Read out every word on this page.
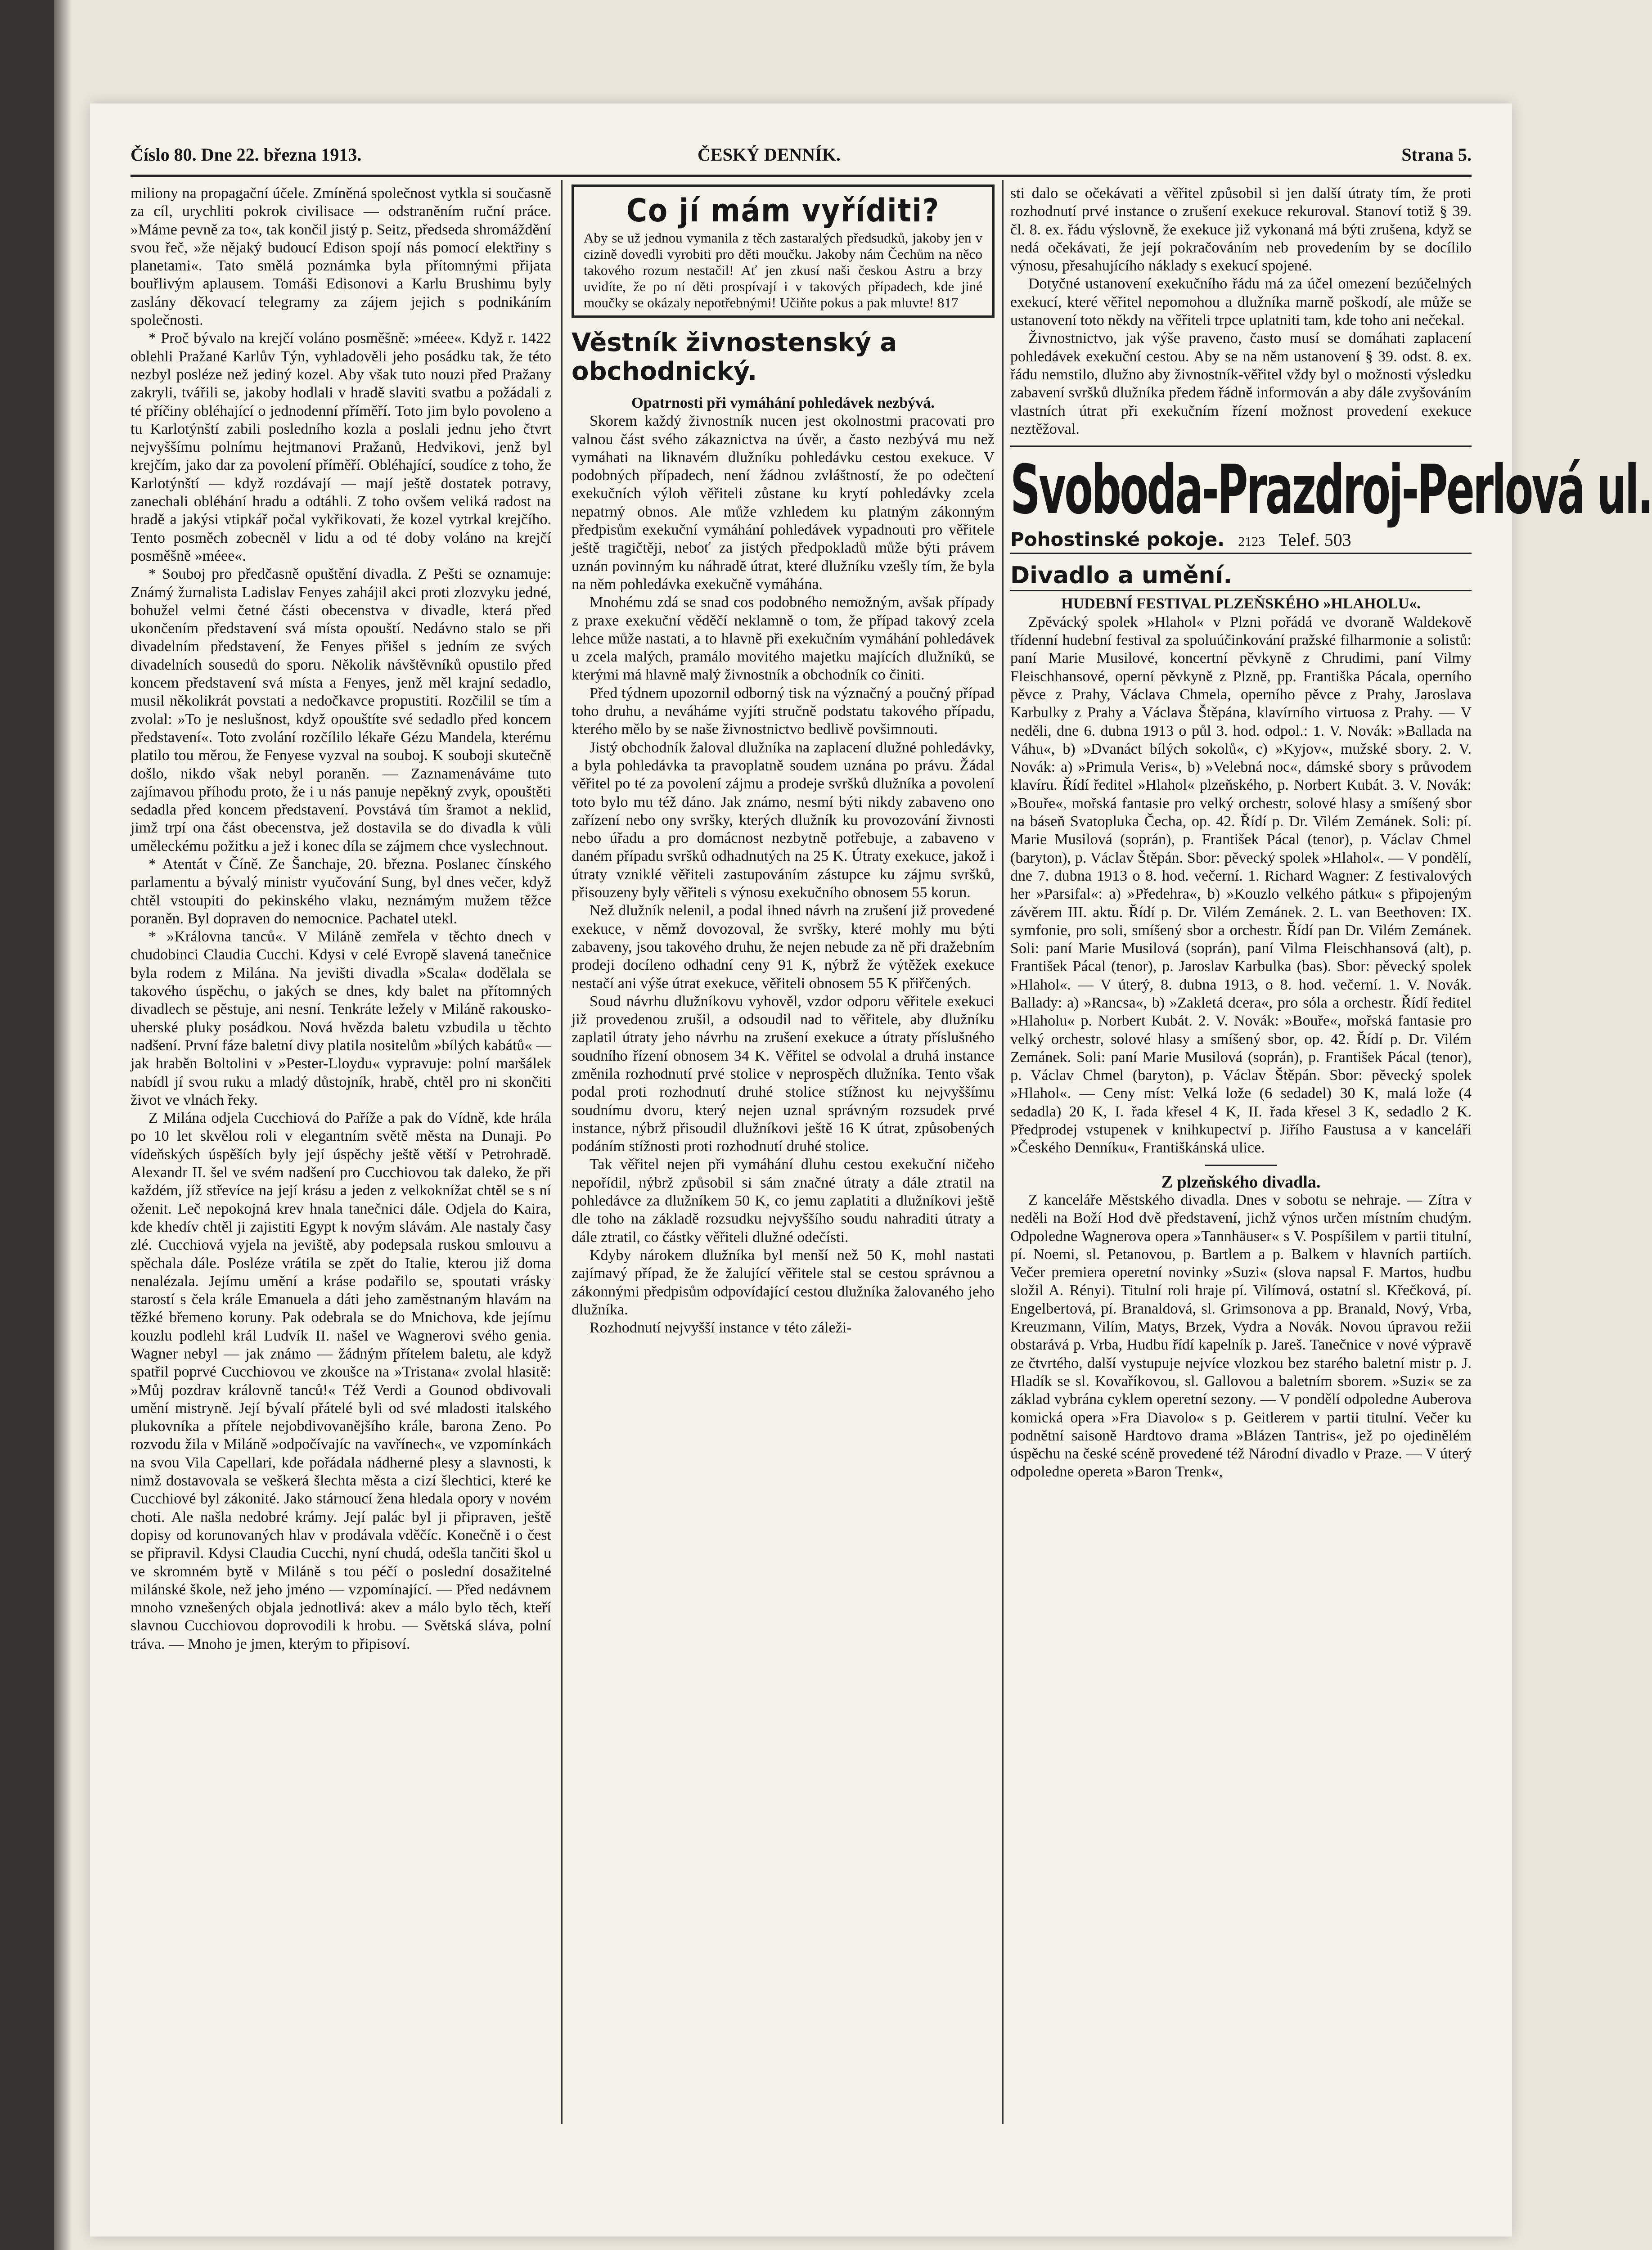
Číslo 80. Dne 22. března 1913.	ČESKÝ DENNÍK.	Strana 5.

miliony na propagační účele. Zmíněná společnost vytkla si současně za cíl, urychliti pokrok civilisace — odstraněním ruční práce. »Máme pevně za to«, tak končil jistý p. Seitz, předseda shromáždění svou řeč, »že nějaký budoucí Edison spojí nás pomocí elektřiny s planetami«. Tato smělá poznámka byla přítomnými přijata bouřlivým aplausem. Tomáši Edisonovi a Karlu Brushimu byly zaslány děkovací telegramy za zájem jejich s podnikáním společnosti.

* Proč bývalo na krejčí voláno posměšně: »méee«. Když r. 1422 oblehli Pražané Karlův Týn, vyhladověli jeho posádku tak, že této nezbyl posléze než jediný kozel. Aby však tuto nouzi před Pražany zakryli, tvářili se, jakoby hodlali v hradě slaviti svatbu a požádali z té příčiny obléhající o jednodenní příměří. Toto jim bylo povoleno a tu Karlotýnští zabili posledního kozla a poslali jednu jeho čtvrt nejvyššímu polnímu hejtmanovi Pražanů, Hedvikovi, jenž byl krejčím, jako dar za povolení příměří. Obléhající, soudíce z toho, že Karlotýnští — když rozdávají — mají ještě dostatek potravy, zanechali obléhání hradu a odtáhli. Z toho ovšem veliká radost na hradě a jakýsi vtipkář počal vykřikovati, že kozel vytrkal krejčího. Tento posměch zobecněl v lidu a od té doby voláno na krejčí posměšně »méee«.

* Souboj pro předčasně opuštění divadla. Z Pešti se oznamuje: Známý žurnalista Ladislav Fenyes zahájil akci proti zlozvyku jedné, bohužel velmi četné části obecenstva v divadle, která před ukončením představení svá místa opouští. Nedávno stalo se při divadelním představení, že Fenyes přišel s jedním ze svých divadelních sousedů do sporu. Několik návštěvníků opustilo před koncem představení svá místa a Fenyes, jenž měl krajní sedadlo, musil několikrát povstati a nedočkavce propustiti. Rozčilil se tím a zvolal: »To je neslušnost, když opouštíte své sedadlo před koncem představení«. Toto zvolání rozčílilo lékaře Gézu Mandela, kterému platilo tou měrou, že Fenyese vyzval na souboj. K souboji skutečně došlo, nikdo však nebyl poraněn. — Zaznamenáváme tuto zajímavou příhodu proto, že i u nás panuje nepěkný zvyk, opouštěti sedadla před koncem představení. Povstává tím šramot a neklid, jimž trpí ona část obecenstva, jež dostavila se do divadla k vůli uměleckému požitku a jež i konec díla se zájmem chce vyslechnout.

* Atentát v Číně. Ze Šanchaje, 20. března. Poslanec čínského parlamentu a bývalý ministr vyučování Sung, byl dnes večer, když chtěl vstoupiti do pekinského vlaku, neznámým mužem těžce poraněn. Byl dopraven do nemocnice. Pachatel utekl.

* »Královna tanců«. V Miláně zemřela v těchto dnech v chudobinci Claudia Cucchi. Kdysi v celé Evropě slavená tanečnice byla rodem z Milána. Na jevišti divadla »Scala« dodělala se takového úspěchu, o jakých se dnes, kdy balet na přítomných divadlech se pěstuje, ani nesní. Tenkráte ležely v Miláně rakousko-uherské pluky posádkou. Nová hvězda baletu vzbudila u těchto nadšení. První fáze baletní divy platila nositelům »bílých kabátů« — jak hraběn Boltolini v »Pester-Lloydu« vypravuje: polní maršálek nabídl jí svou ruku a mladý důstojník, hrabě, chtěl pro ni skončiti život ve vlnách řeky.

Z Milána odjela Cucchiová do Paříže a pak do Vídně, kde hrála po 10 let skvělou roli v elegantním světě města na Dunaji. Po vídeňských úspěších byly její úspěchy ještě větší v Petrohradě. Alexandr II. šel ve svém nadšení pro Cucchiovou tak daleko, že při každém, jíž střevíce na její krásu a jeden z velkoknížat chtěl se s ní oženit. Leč nepokojná krev hnala tanečnici dále. Odjela do Kaira, kde khedív chtěl ji zajistiti Egypt k novým slávám. Ale nastaly časy zlé. Cucchiová vyjela na jeviště, aby podepsala ruskou smlouvu a spěchala dále. Posléze vrátila se zpět do Italie, kterou již doma nenalézala. Jejímu umění a kráse podařilo se, spoutati vrásky starostí s čela krále Emanuela a dáti jeho zaměstnaným hlavám na těžké břemeno koruny. Pak odebrala se do Mnichova, kde jejímu kouzlu podlehl král Ludvík II. našel ve Wagnerovi svého genia. Wagner nebyl — jak známo — žádným přítelem baletu, ale když spatřil poprvé Cucchiovou ve zkoušce na »Tristana« zvolal hlasitě: »Můj pozdrav královně tanců!« Též Verdi a Gounod obdivovali umění mistryně. Její bývalí přátelé byli od své mladosti italského plukovníka a přítele nejobdivovanějšího krále, barona Zeno. Po rozvodu žila v Miláně »odpočívajíc na vavřínech«, ve vzpomínkách na svou Vila Capellari, kde pořádala nádherné plesy a slavnosti, k nimž dostavovala se veškerá šlechta města a cizí šlechtici, které ke Cucchiové byl zákonité. Jako stárnoucí žena hledala opory v novém choti. Ale našla nedobré krámy. Její palác byl ji připraven, ještě dopisy od korunovaných hlav v prodávala vděčíc. Konečně i o čest se připravil. Kdysi Claudia Cucchi, nyní chudá, odešla tančiti škol u ve skromném bytě v Miláně s tou péčí o poslední dosažitelné milánské škole, než jeho jméno — vzpomínající. — Před nedávnem mnoho vznešených objala jednotlivá: akev a málo bylo těch, kteří slavnou Cucchiovou doprovodili k hrobu. — Světská sláva, polní tráva. — Mnoho je jmen, kterým to připisoví.

Co jí mám vyříditi?

Aby se už jednou vymanila z těch zastaralých předsudků, jakoby jen v cizině dovedli vyrobiti pro děti moučku. Jakoby nám Čechům na něco takového rozum nestačil! Ať jen zkusí naši českou Astru a brzy uvidíte, že po ní děti prospívají i v takových případech, kde jiné moučky se okázaly nepotřebnými! Učiňte pokus a pak mluvte! 817

Věstník živnostenský a obchodnický.

Opatrnosti při vymáhání pohledávek nezbývá.

Skorem každý živnostník nucen jest okolnostmi pracovati pro valnou část svého zákaznictva na úvěr, a často nezbývá mu než vymáhati na liknavém dlužníku pohledávku cestou exekuce. V podobných případech, není žádnou zvláštností, že po odečtení exekučních výloh věřiteli zůstane ku krytí pohledávky zcela nepatrný obnos. Ale může vzhledem ku platným zákonným předpisům exekuční vymáhání pohledávek vypadnouti pro věřitele ještě tragičtěji, neboť za jistých předpokladů může býti právem uznán povinným ku náhradě útrat, které dlužníku vzešly tím, že byla na něm pohledávka exekučně vymáhána.

Mnohému zdá se snad cos podobného nemožným, avšak případy z praxe exekuční věděčí neklamně o tom, že případ takový zcela lehce může nastati, a to hlavně při exekučním vymáhání pohledávek u zcela malých, pramálo movitého majetku majících dlužníků, se kterými má hlavně malý živnostník a obchodník co činiti.

Před týdnem upozornil odborný tisk na význačný a poučný případ toho druhu, a neváháme vyjíti stručně podstatu takového případu, kterého mělo by se naše živnostnictvo bedlivě povšimnouti.

Jistý obchodník žaloval dlužníka na zaplacení dlužné pohledávky, a byla pohledávka ta pravoplatně soudem uznána po právu. Žádal věřitel po té za povolení zájmu a prodeje svršků dlužníka a povolení toto bylo mu též dáno. Jak známo, nesmí býti nikdy zabaveno ono zařízení nebo ony svršky, kterých dlužník ku provozování živnosti nebo úřadu a pro domácnost nezbytně potřebuje, a zabaveno v daném případu svršků odhadnutých na 25 K. Útraty exekuce, jakož i útraty vzniklé věřiteli zastupováním zástupce ku zájmu svršků, přisouzeny byly věřiteli s výnosu exekučního obnosem 55 korun.

Než dlužník nelenil, a podal ihned návrh na zrušení již provedené exekuce, v němž dovozoval, že svršky, které mohly mu býti zabaveny, jsou takového druhu, že nejen nebude za ně při dražebním prodeji docíleno odhadní ceny 91 K, nýbrž že výtěžek exekuce nestačí ani výše útrat exekuce, věřiteli obnosem 55 K přiřčených.

Soud návrhu dlužníkovu vyhověl, vzdor odporu věřitele exekuci již provedenou zrušil, a odsoudil nad to věřitele, aby dlužníku zaplatil útraty jeho návrhu na zrušení exekuce a útraty příslušného soudního řízení obnosem 34 K. Věřitel se odvolal a druhá instance změnila rozhodnutí prvé stolice v neprospěch dlužníka. Tento však podal proti rozhodnutí druhé stolice stížnost ku nejvyššímu soudnímu dvoru, který nejen uznal správným rozsudek prvé instance, nýbrž přisoudil dlužníkovi ještě 16 K útrat, způsobených podáním stížnosti proti rozhodnutí druhé stolice.

Tak věřitel nejen při vymáhání dluhu cestou exekuční ničeho nepořídil, nýbrž způsobil si sám značné útraty a dále ztratil na pohledávce za dlužníkem 50 K, co jemu zaplatiti a dlužníkovi ještě dle toho na základě rozsudku nejvyššího soudu nahraditi útraty a dále ztratil, co částky věřiteli dlužné odečísti.

Kdyby nárokem dlužníka byl menší než 50 K, mohl nastati zajímavý případ, že že žalující věřitele stal se cestou správnou a zákonnými předpisům odpovídající cestou dlužníka žalovaného jeho dlužníka.

Rozhodnutí nejvyšší instance v této záleži-

sti dalo se očekávati a věřitel způsobil si jen další útraty tím, že proti rozhodnutí prvé instance o zrušení exekuce rekuroval. Stanoví totiž § 39. čl. 8. ex. řádu výslovně, že exekuce již vykonaná má býti zrušena, když se nedá očekávati, že její pokračováním neb provedením by se docílilo výnosu, přesahujícího náklady s exekucí spojené.

Dotyčné ustanovení exekučního řádu má za účel omezení bezúčelných exekucí, které věřitel nepomohou a dlužníka marně poškodí, ale může se ustanovení toto někdy na věřiteli trpce uplatniti tam, kde toho ani nečekal.

Živnostnictvo, jak výše praveno, často musí se domáhati zaplacení pohledávek exekuční cestou. Aby se na něm ustanovení § 39. odst. 8. ex. řádu nemstilo, dlužno aby živnostník-věřitel vždy byl o možnosti výsledku zabavení svršků dlužníka předem řádně informován a aby dále zvyšováním vlastních útrat při exekučním řízení možnost provedení exekuce neztěžoval.

Svoboda-Prazdroj-Perlová ul.
Pohostinské pokoje. 2123 Telef. 503
Divadlo a umění.

HUDEBNÍ FESTIVAL PLZEŇSKÉHO »HLAHOLU«.

Zpěvácký spolek »Hlahol« v Plzni pořádá ve dvoraně Waldekově třídenní hudební festival za spoluúčinkování pražské filharmonie a solistů: paní Marie Musilové, koncertní pěvkyně z Chrudimi, paní Vilmy Fleischhansové, operní pěvkyně z Plzně, pp. Františka Pácala, operního pěvce z Prahy, Václava Chmela, operního pěvce z Prahy, Jaroslava Karbulky z Prahy a Václava Štěpána, klavírního virtuosa z Prahy. — V neděli, dne 6. dubna 1913 o půl 3. hod. odpol.: 1. V. Novák: »Ballada na Váhu«, b) »Dvanáct bílých sokolů«, c) »Kyjov«, mužské sbory. 2. V. Novák: a) »Primula Veris«, b) »Velebná noc«, dámské sbory s průvodem klavíru. Řídí ředitel »Hlahol« plzeňského, p. Norbert Kubát. 3. V. Novák: »Bouře«, mořská fantasie pro velký orchestr, solové hlasy a smíšený sbor na báseň Svatopluka Čecha, op. 42. Řídí p. Dr. Vilém Zemánek. Soli: pí. Marie Musilová (soprán), p. František Pácal (tenor), p. Václav Chmel (baryton), p. Václav Štěpán. Sbor: pěvecký spolek »Hlahol«. — V pondělí, dne 7. dubna 1913 o 8. hod. večerní. 1. Richard Wagner: Z festivalových her »Parsifal«: a) »Předehra«, b) »Kouzlo velkého pátku« s připojeným závěrem III. aktu. Řídí p. Dr. Vilém Zemánek. 2. L. van Beethoven: IX. symfonie, pro soli, smíšený sbor a orchestr. Řídí pan Dr. Vilém Zemánek. Soli: paní Marie Musilová (soprán), paní Vilma Fleischhansová (alt), p. František Pácal (tenor), p. Jaroslav Karbulka (bas). Sbor: pěvecký spolek »Hlahol«. — V úterý, 8. dubna 1913, o 8. hod. večerní. 1. V. Novák. Ballady: a) »Rancsa«, b) »Zakletá dcera«, pro sóla a orchestr. Řídí ředitel »Hlaholu« p. Norbert Kubát. 2. V. Novák: »Bouře«, mořská fantasie pro velký orchestr, solové hlasy a smíšený sbor, op. 42. Řídí p. Dr. Vilém Zemánek. Soli: paní Marie Musilová (soprán), p. František Pácal (tenor), p. Václav Chmel (baryton), p. Václav Štěpán. Sbor: pěvecký spolek »Hlahol«. — Ceny míst: Velká lože (6 sedadel) 30 K, malá lože (4 sedadla) 20 K, I. řada křesel 4 K, II. řada křesel 3 K, sedadlo 2 K. Předprodej vstupenek v knihkupectví p. Jiřího Faustusa a v kanceláři »Českého Denníku«, Františkánská ulice.

Z plzeňského divadla.

Z kanceláře Městského divadla. Dnes v sobotu se nehraje. — Zítra v neděli na Boží Hod dvě představení, jichž výnos určen místním chudým. Odpoledne Wagnerova opera »Tannhäuser« s V. Pospíšilem v partii titulní, pí. Noemi, sl. Petanovou, p. Bartlem a p. Balkem v hlavních partiích. Večer premiera operetní novinky »Suzi« (slova napsal F. Martos, hudbu složil A. Rényi). Titulní roli hraje pí. Vilímová, ostatní sl. Křečková, pí. Engelbertová, pí. Branaldová, sl. Grimsonova a pp. Branald, Nový, Vrba, Kreuzmann, Vilím, Matys, Brzek, Vydra a Novák. Novou úpravou režii obstarává p. Vrba, Hudbu řídí kapelník p. Jareš. Tanečnice v nové výpravě ze čtvrtého, další vystupuje nejvíce vlozkou bez starého baletní mistr p. J. Hladík se sl. Kovaříkovou, sl. Gallovou a baletním sborem. »Suzi« se za základ vybrána cyklem operetní sezony. — V pondělí odpoledne Auberova komická opera »Fra Diavolo« s p. Geitlerem v partii titulní. Večer ku podnětní saisoně Hardtovo drama »Blázen Tantris«, jež po ojedinělém úspěchu na české scéně provedené též Národní divadlo v Praze. — V úterý odpoledne opereta »Baron Trenk«,
